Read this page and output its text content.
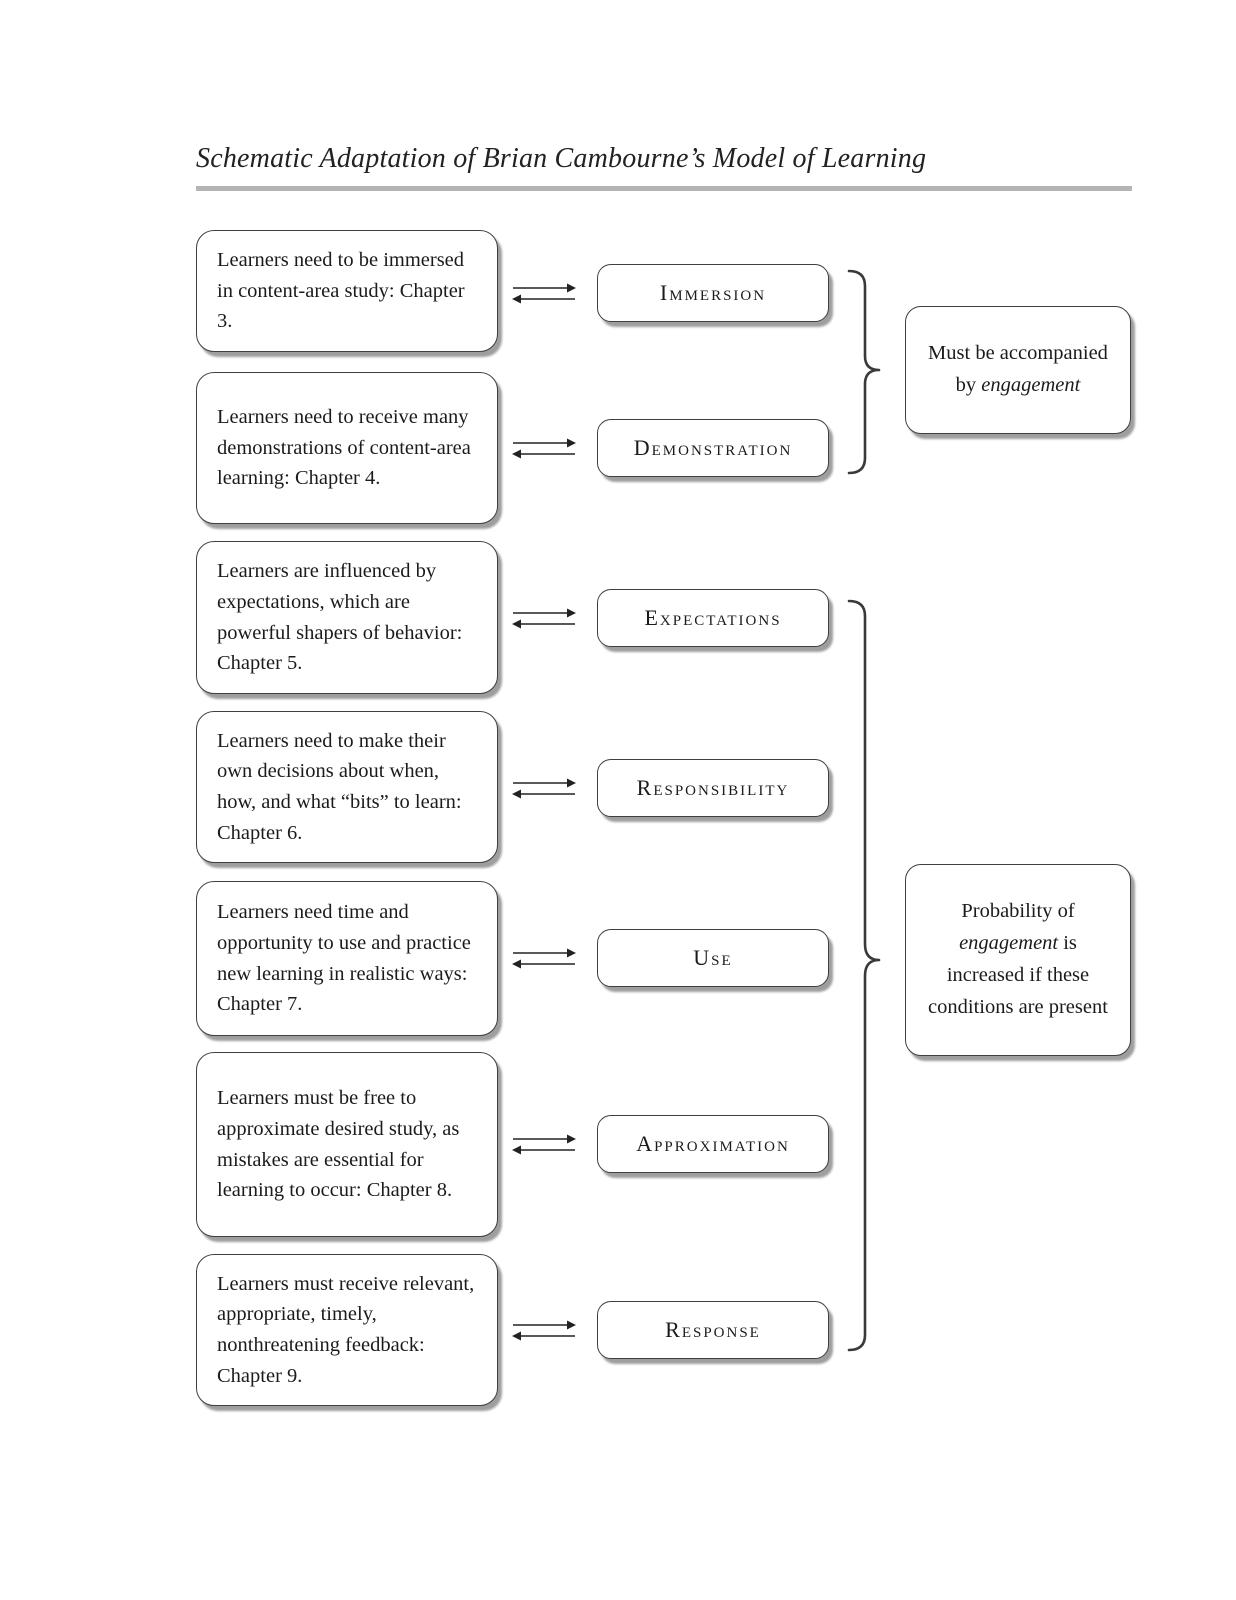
Schematic Adaptation of Brian Cambourne’s Model of Learning

Learners need to be immersed in content-area study: Chapter 3.

Immersion

Learners need to receive many demonstrations of content-area learning: Chapter 4.

Demonstration

Learners are influenced by expectations, which are powerful shapers of behavior: Chapter 5.

Expectations

Learners need to make their own decisions about when, how, and what “bits” to learn: Chapter 6.

Responsibility

Learners need time and opportunity to use and practice new learning in realistic ways: Chapter 7.

Use

Learners must be free to approximate desired study, as mistakes are essential for learning to occur: Chapter 8.

Approximation

Learners must receive relevant, appropriate, timely, nonthreatening feedback: Chapter 9.

Response
Must be accompanied by engagement
Probability of engagement is increased if these conditions are present
